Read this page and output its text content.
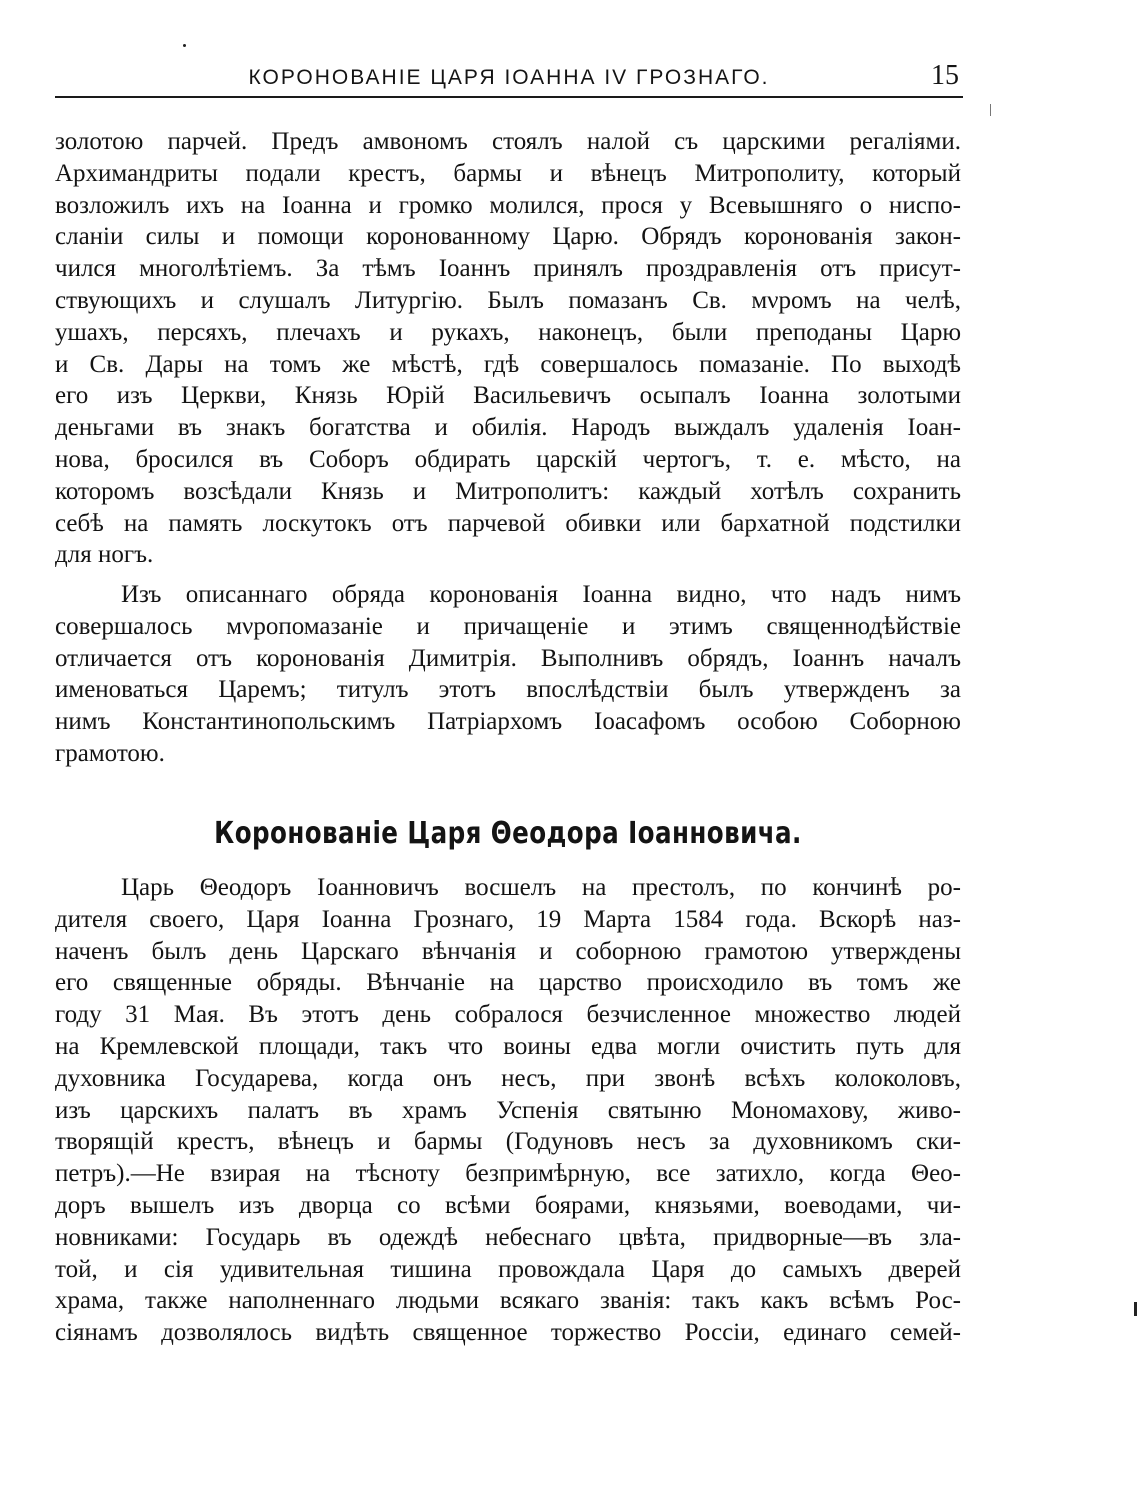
КОРОНОВАНІЕ ЦАРЯ ІОАННА IV ГРОЗНАГО.	15
золотою парчей. Предъ амвономъ стоялъ налой съ царскими регаліями.
Архимандриты подали крестъ, бармы и вѣнецъ Митрополиту, который
возложилъ ихъ на Іоанна и громко молился, прося у Всевышняго о ниспо-
сланіи силы и помощи коронованному Царю. Обрядъ коронованія закон-
чился многолѣтіемъ. За тѣмъ Іоаннъ принялъ проздравленія отъ присут-
ствующихъ и слушалъ Литургію. Былъ помазанъ Св. мνромъ на челѣ,
ушахъ, персяхъ, плечахъ и рукахъ, наконецъ, были преподаны Царю
и Св. Дары на томъ же мѣстѣ, гдѣ совершалось помазаніе. По выходѣ
его изъ Церкви, Князь Юрій Васильевичъ осыпалъ Іоанна золотыми
деньгами въ знакъ богатства и обилія. Народъ выждалъ удаленія Іоан-
нова, бросился въ Соборъ обдирать царскій чертогъ, т. е. мѣсто, на
которомъ возсѣдали Князь и Митрополитъ: каждый хотѣлъ сохранить
себѣ на память лоскутокъ отъ парчевой обивки или бархатной подстилки
для ногъ.
Изъ описаннаго обряда коронованія Іоанна видно, что надъ нимъ
совершалось мνропомазаніе и причащеніе и этимъ священнодѣйствіе
отличается отъ коронованія Димитрія. Выполнивъ обрядъ, Іоаннъ началъ
именоваться Царемъ; титулъ этотъ впослѣдствіи былъ утвержденъ за
нимъ Константинопольскимъ Патріархомъ Іоасафомъ особою Соборною
грамотою.
Коронованіе Царя Θеодора Іоанновича.
Царь Θеодоръ Іоанновичъ восшелъ на престолъ, по кончинѣ ро-
дителя своего, Царя Іоанна Грознаго, 19 Марта 1584 года. Вскорѣ наз-
наченъ былъ день Царскаго вѣнчанія и соборною грамотою утверждены
его священные обряды. Вѣнчаніе на царство происходило въ томъ же
году 31 Мая. Въ этотъ день собралося безчисленное множество людей
на Кремлевской площади, такъ что воины едва могли очистить путь для
духовника Государева, когда онъ несъ, при звонѣ всѣхъ колоколовъ,
изъ царскихъ палатъ въ храмъ Успенія святыню Мономахову, живо-
творящій крестъ, вѣнецъ и бармы (Годуновъ несъ за духовникомъ ски-
петръ).—Не взирая на тѣсноту безпримѣрную, все затихло, когда Θео-
доръ вышелъ изъ дворца со всѣми боярами, князьями, воеводами, чи-
новниками: Государь въ одеждѣ небеснаго цвѣта, придворные—въ зла-
той, и сія удивительная тишина провождала Царя до самыхъ дверей
храма, также наполненнаго людьми всякаго званія: такъ какъ всѣмъ Рос-
сіянамъ дозволялось видѣть священное торжество Россіи, единаго семей-
